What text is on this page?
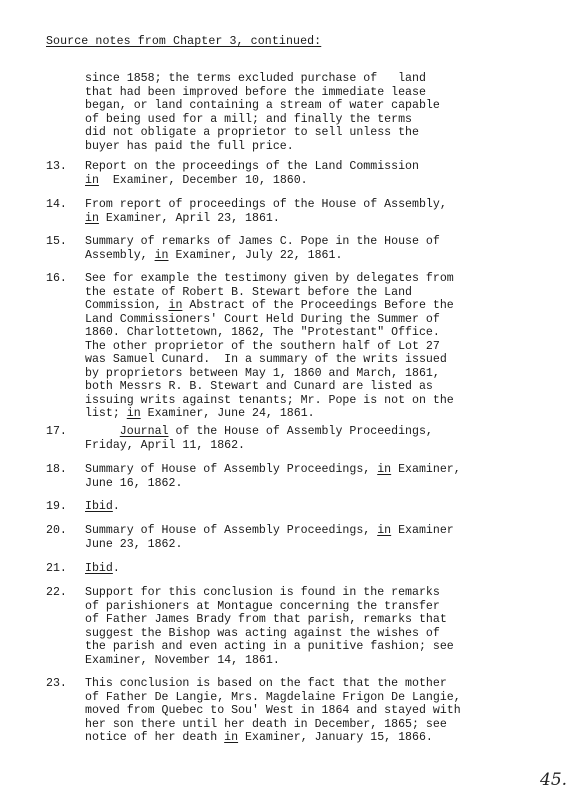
Source notes from Chapter 3, continued:
since 1858; the terms excluded purchase of   land
that had been improved before the immediate lease
began, or land containing a stream of water capable
of being used for a mill; and finally the terms
did not obligate a proprietor to sell unless the
buyer has paid the full price.
13. Report on the proceedings of the Land Commission
in  Examiner, December 10, 1860.
14. From report of proceedings of the House of Assembly,
in Examiner, April 23, 1861.
15. Summary of remarks of James C. Pope in the House of
Assembly, in Examiner, July 22, 1861.
16. See for example the testimony given by delegates from
the estate of Robert B. Stewart before the Land
Commission, in Abstract of the Proceedings Before the
Land Commissioners' Court Held During the Summer of
1860. Charlottetown, 1862, The "Protestant" Office.
The other proprietor of the southern half of Lot 27
was Samuel Cunard.  In a summary of the writs issued
by proprietors between May 1, 1860 and March, 1861,
both Messrs R. B. Stewart and Cunard are listed as
issuing writs against tenants; Mr. Pope is not on the
list; in Examiner, June 24, 1861.
17.	Journal of the House of Assembly Proceedings,
Friday, April 11, 1862.
18. Summary of House of Assembly Proceedings, in Examiner,
June 16, 1862.
19. Ibid.
20. Summary of House of Assembly Proceedings, in Examiner
June 23, 1862.
21. Ibid.
22. Support for this conclusion is found in the remarks
of parishioners at Montague concerning the transfer
of Father James Brady from that parish, remarks that
suggest the Bishop was acting against the wishes of
the parish and even acting in a punitive fashion; see
Examiner, November 14, 1861.
23. This conclusion is based on the fact that the mother
of Father De Langie, Mrs. Magdelaine Frigon De Langie,
moved from Quebec to Sou' West in 1864 and stayed with
her son there until her death in December, 1865; see
notice of her death in Examiner, January 15, 1866.
45.
